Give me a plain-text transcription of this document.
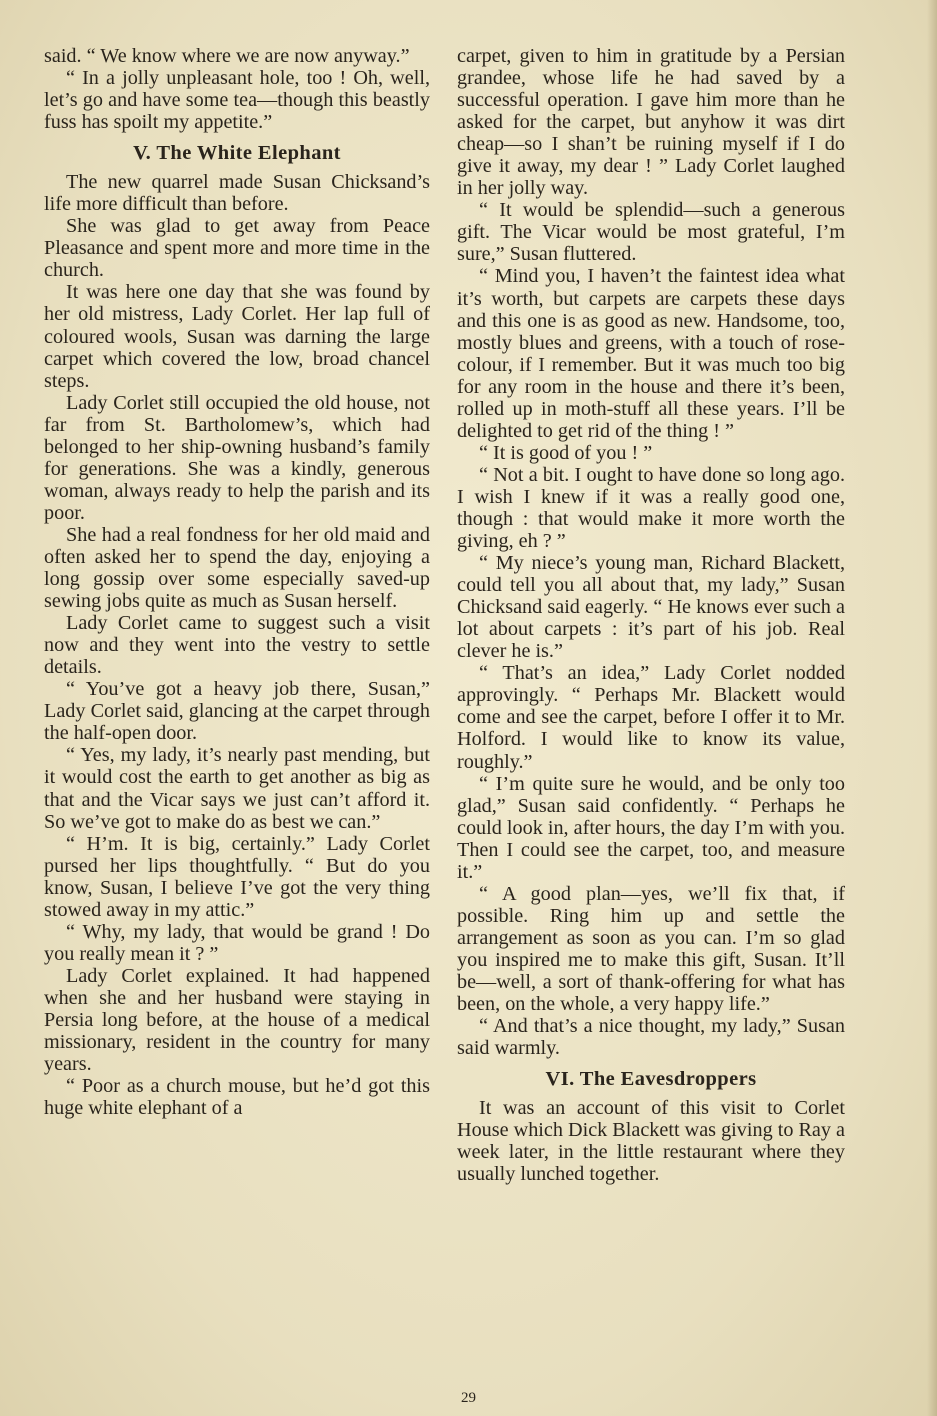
said. “ We know where we are now anyway.”

“ In a jolly unpleasant hole, too ! Oh, well, let’s go and have some tea—though this beastly fuss has spoilt my appetite.”

V. The White Elephant

The new quarrel made Susan Chicksand’s life more difficult than before.

She was glad to get away from Peace Pleasance and spent more and more time in the church.

It was here one day that she was found by her old mistress, Lady Corlet. Her lap full of coloured wools, Susan was darning the large carpet which covered the low, broad chancel steps.

Lady Corlet still occupied the old house, not far from St. Bartholomew’s, which had belonged to her ship-owning husband’s family for generations. She was a kindly, generous woman, always ready to help the parish and its poor.

She had a real fondness for her old maid and often asked her to spend the day, enjoying a long gossip over some especially saved-up sewing jobs quite as much as Susan herself.

Lady Corlet came to suggest such a visit now and they went into the vestry to settle details.

“ You’ve got a heavy job there, Susan,” Lady Corlet said, glancing at the carpet through the half-open door.

“ Yes, my lady, it’s nearly past mending, but it would cost the earth to get another as big as that and the Vicar says we just can’t afford it. So we’ve got to make do as best we can.”

“ H’m. It is big, certainly.” Lady Corlet pursed her lips thoughtfully. “ But do you know, Susan, I believe I’ve got the very thing stowed away in my attic.”

“ Why, my lady, that would be grand ! Do you really mean it ? ”

Lady Corlet explained. It had happened when she and her husband were staying in Persia long before, at the house of a medical missionary, resident in the country for many years.

“ Poor as a church mouse, but he’d got this huge white elephant of a

carpet, given to him in gratitude by a Persian grandee, whose life he had saved by a successful operation. I gave him more than he asked for the carpet, but anyhow it was dirt cheap—so I shan’t be ruining myself if I do give it away, my dear ! ” Lady Corlet laughed in her jolly way.

“ It would be splendid—such a generous gift. The Vicar would be most grateful, I’m sure,” Susan fluttered.

“ Mind you, I haven’t the faintest idea what it’s worth, but carpets are carpets these days and this one is as good as new. Handsome, too, mostly blues and greens, with a touch of rose-colour, if I remember. But it was much too big for any room in the house and there it’s been, rolled up in moth-stuff all these years. I’ll be delighted to get rid of the thing ! ”

“ It is good of you ! ”

“ Not a bit. I ought to have done so long ago. I wish I knew if it was a really good one, though : that would make it more worth the giving, eh ? ”

“ My niece’s young man, Richard Blackett, could tell you all about that, my lady,” Susan Chicksand said eagerly. “ He knows ever such a lot about carpets : it’s part of his job. Real clever he is.”

“ That’s an idea,” Lady Corlet nodded approvingly. “ Perhaps Mr. Blackett would come and see the carpet, before I offer it to Mr. Holford. I would like to know its value, roughly.”

“ I’m quite sure he would, and be only too glad,” Susan said confidently. “ Perhaps he could look in, after hours, the day I’m with you. Then I could see the carpet, too, and measure it.”

“ A good plan—yes, we’ll fix that, if possible. Ring him up and settle the arrangement as soon as you can. I’m so glad you inspired me to make this gift, Susan. It’ll be—well, a sort of thank-offering for what has been, on the whole, a very happy life.”

“ And that’s a nice thought, my lady,” Susan said warmly.

VI. The Eavesdroppers

It was an account of this visit to Corlet House which Dick Blackett was giving to Ray a week later, in the little restaurant where they usually lunched together.

29
